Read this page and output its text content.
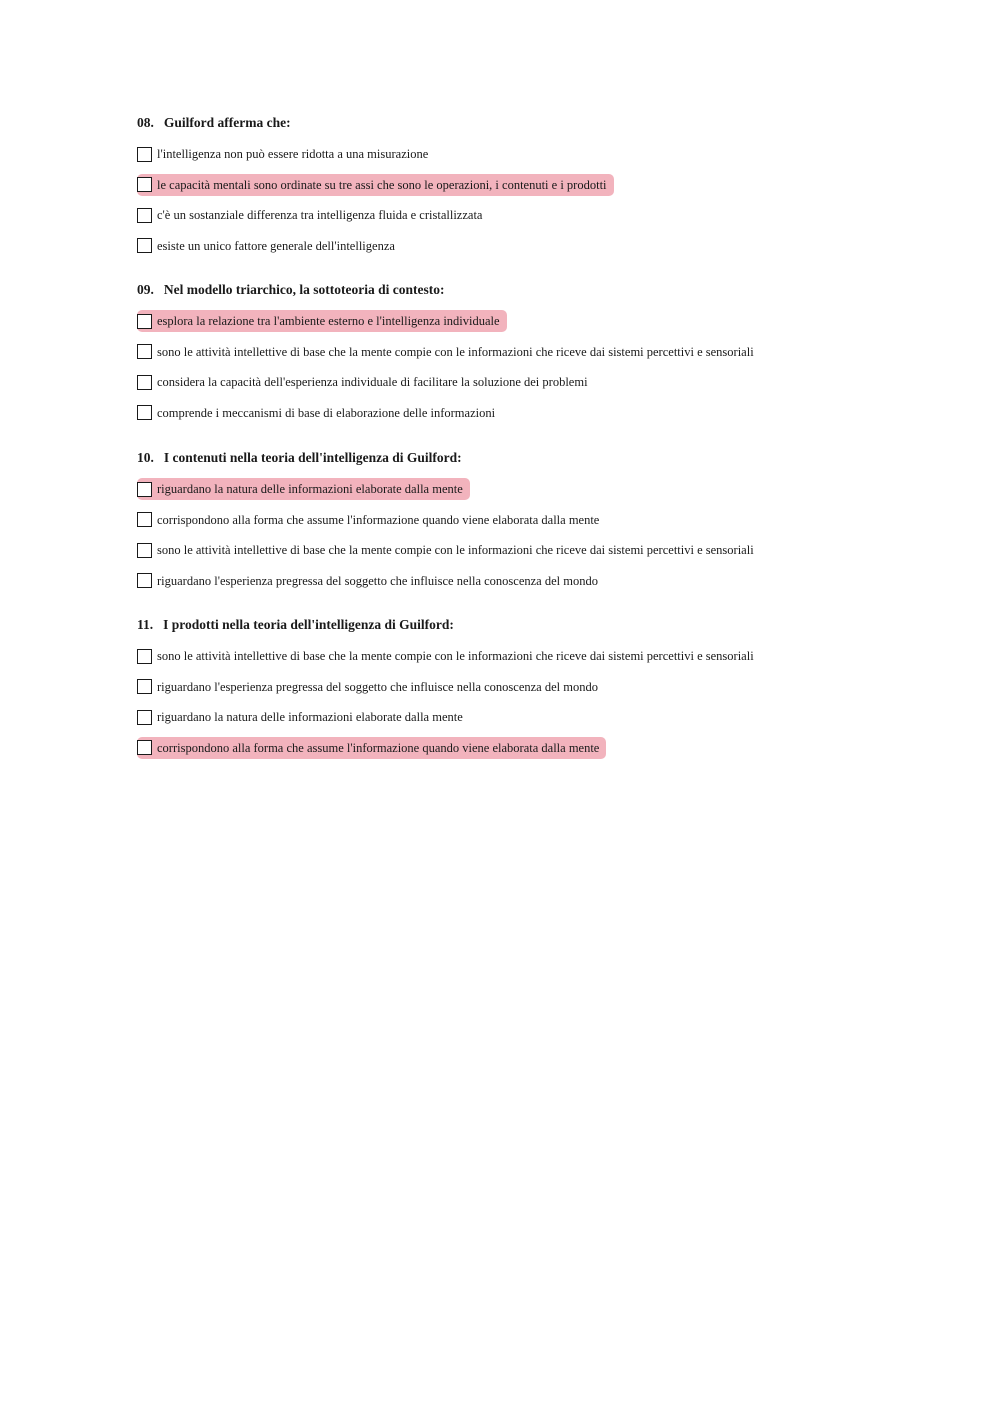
08. Guilford afferma che:
l'intelligenza non può essere ridotta a una misurazione
le capacità mentali sono ordinate su tre assi che sono le operazioni, i contenuti e i prodotti
c'è un sostanziale differenza tra intelligenza fluida e cristallizzata
esiste un unico fattore generale dell'intelligenza
09. Nel modello triarchico, la sottoteoria di contesto:
esplora la relazione tra l'ambiente esterno e l'intelligenza individuale
sono le attività intellettive di base che la mente compie con le informazioni che riceve dai sistemi percettivi e sensoriali
considera la capacità dell'esperienza individuale di facilitare la soluzione dei problemi
comprende i meccanismi di base di elaborazione delle informazioni
10. I contenuti nella teoria dell'intelligenza di Guilford:
riguardano la natura delle informazioni elaborate dalla mente
corrispondono alla forma che assume l'informazione quando viene elaborata dalla mente
sono le attività intellettive di base che la mente compie con le informazioni che riceve dai sistemi percettivi e sensoriali
riguardano l'esperienza pregressa del soggetto che influisce nella conoscenza del mondo
11. I prodotti nella teoria dell'intelligenza di Guilford:
sono le attività intellettive di base che la mente compie con le informazioni che riceve dai sistemi percettivi e sensoriali
riguardano l'esperienza pregressa del soggetto che influisce nella conoscenza del mondo
riguardano la natura delle informazioni elaborate dalla mente
corrispondono alla forma che assume l'informazione quando viene elaborata dalla mente
